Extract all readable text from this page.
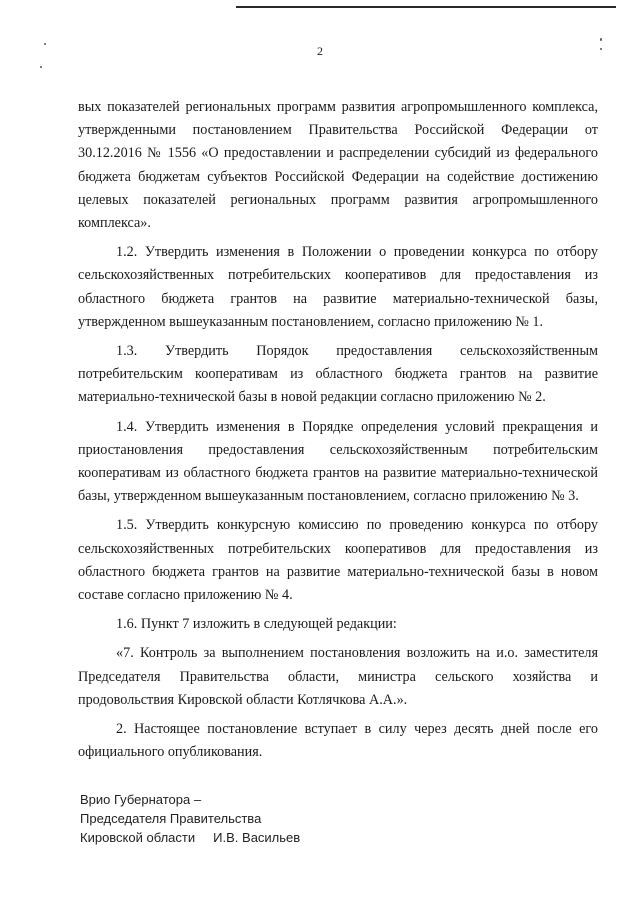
2

вых показателей региональных программ развития агропромышленного комплекса, утвержденными постановлением Правительства Российской Федерации от 30.12.2016 № 1556 «О предоставлении и распределении субсидий из федерального бюджета бюджетам субъектов Российской Федерации на содействие достижению целевых показателей региональных программ развития агропромышленного комплекса».

1.2. Утвердить изменения в Положении о проведении конкурса по отбору сельскохозяйственных потребительских кооперативов для предоставления из областного бюджета грантов на развитие материально-технической базы, утвержденном вышеуказанным постановлением, согласно приложению № 1.

1.3. Утвердить Порядок предоставления сельскохозяйственным потребительским кооперативам из областного бюджета грантов на развитие материально-технической базы в новой редакции согласно приложению № 2.

1.4. Утвердить изменения в Порядке определения условий прекращения и приостановления предоставления сельскохозяйственным потребительским кооперативам из областного бюджета грантов на развитие материально-технической базы, утвержденном вышеуказанным постановлением, согласно приложению № 3.

1.5. Утвердить конкурсную комиссию по проведению конкурса по отбору сельскохозяйственных потребительских кооперативов для предоставления из областного бюджета грантов на развитие материально-технической базы в новом составе согласно приложению № 4.

1.6. Пункт 7 изложить в следующей редакции:

«7. Контроль за выполнением постановления возложить на и.о. заместителя Председателя Правительства области, министра сельского хозяйства и продовольствия Кировской области Котлячкова А.А.».

2. Настоящее постановление вступает в силу через десять дней после его официального опубликования.

Врио Губернатора –
Председателя Правительства
Кировской области     И.В. Васильев
